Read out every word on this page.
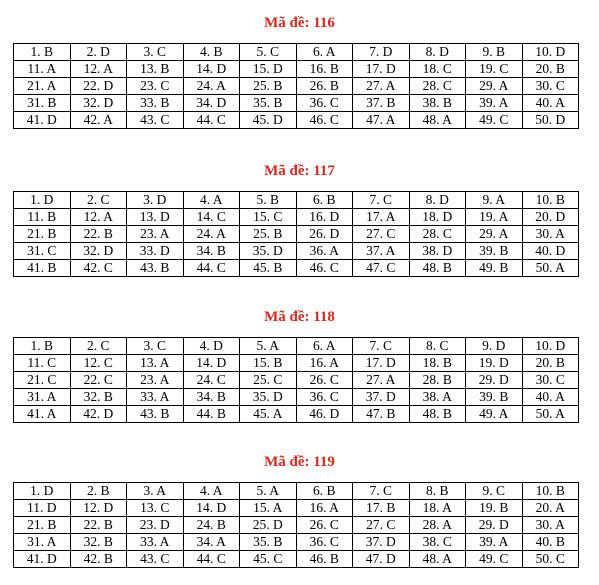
Mã đề: 116
1. B	2. D	3. C	4. B	5. C	6. A	7. D	8. D	9. B	10. D
11. A	12. A	13. B	14. D	15. D	16. B	17. D	18. C	19. C	20. B
21. A	22. D	23. C	24. A	25. B	26. B	27. A	28. C	29. A	30. C
31. B	32. D	33. B	34. D	35. B	36. C	37. B	38. B	39. A	40. A
41. D	42. A	43. C	44. C	45. D	46. C	47. A	48. A	49. C	50. D
Mã đề: 117
1. D	2. C	3. D	4. A	5. B	6. B	7. C	8. D	9. A	10. B
11. B	12. A	13. D	14. C	15. C	16. D	17. A	18. D	19. A	20. D
21. B	22. B	23. A	24. A	25. B	26. D	27. C	28. C	29. A	30. A
31. C	32. D	33. D	34. B	35. D	36. A	37. A	38. D	39. B	40. D
41. B	42. C	43. B	44. C	45. B	46. C	47. C	48. B	49. B	50. A
Mã đề: 118
1. B	2. C	3. C	4. D	5. A	6. A	7. C	8. C	9. D	10. D
11. C	12. C	13. A	14. D	15. B	16. A	17. D	18. B	19. D	20. B
21. C	22. C	23. A	24. C	25. C	26. C	27. A	28. B	29. D	30. C
31. A	32. B	33. A	34. B	35. D	36. C	37. D	38. A	39. B	40. A
41. A	42. D	43. B	44. B	45. A	46. D	47. B	48. B	49. A	50. A
Mã đề: 119
1. D	2. B	3. A	4. A	5. A	6. B	7. C	8. B	9. C	10. B
11. D	12. D	13. C	14. D	15. A	16. A	17. B	18. A	19. B	20. A
21. B	22. B	23. D	24. B	25. D	26. C	27. C	28. A	29. D	30. A
31. A	32. B	33. A	34. A	35. B	36. C	37. D	38. C	39. A	40. B
41. D	42. B	43. C	44. C	45. C	46. B	47. D	48. A	49. C	50. C
